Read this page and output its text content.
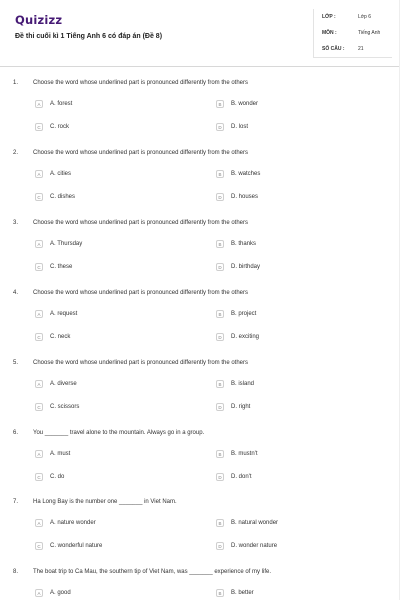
Quizizz
Đề thi cuối kì 1 Tiếng Anh 6 có đáp án (Đề 8)
LỚP :	Lớp 6
MÔN :	Tiếng Anh
SỐ CÂU :	21
1. Choose the word whose underlined part is pronounced differently from the others
A	A. forest	B	B. wonder
C	C. rock	D	D. lost
2. Choose the word whose underlined part is pronounced differently from the others
A	A. cities	B	B. watches
C	C. dishes	D	D. houses
3. Choose the word whose underlined part is pronounced differently from the others
A	A. Thursday	B	B. thanks
C	C. these	D	D. birthday
4. Choose the word whose underlined part is pronounced differently from the others
A	A. request	B	B. project
C	C. neck	D	D. exciting
5. Choose the word whose underlined part is pronounced differently from the others
A	A. diverse	B	B. island
C	C. scissors	D	D. right
6. You _______ travel alone to the mountain. Always go in a group.
A	A. must	B	B. mustn't
C	C. do	D	D. don't
7. Ha Long Bay is the number one _______ in Viet Nam.
A	A. nature wonder	B	B. natural wonder
C	C. wonderful nature	D	D. wonder nature
8. The boat trip to Ca Mau, the southern tip of Viet Nam, was _______ experience of my life.
A	A. good	B	B. better
